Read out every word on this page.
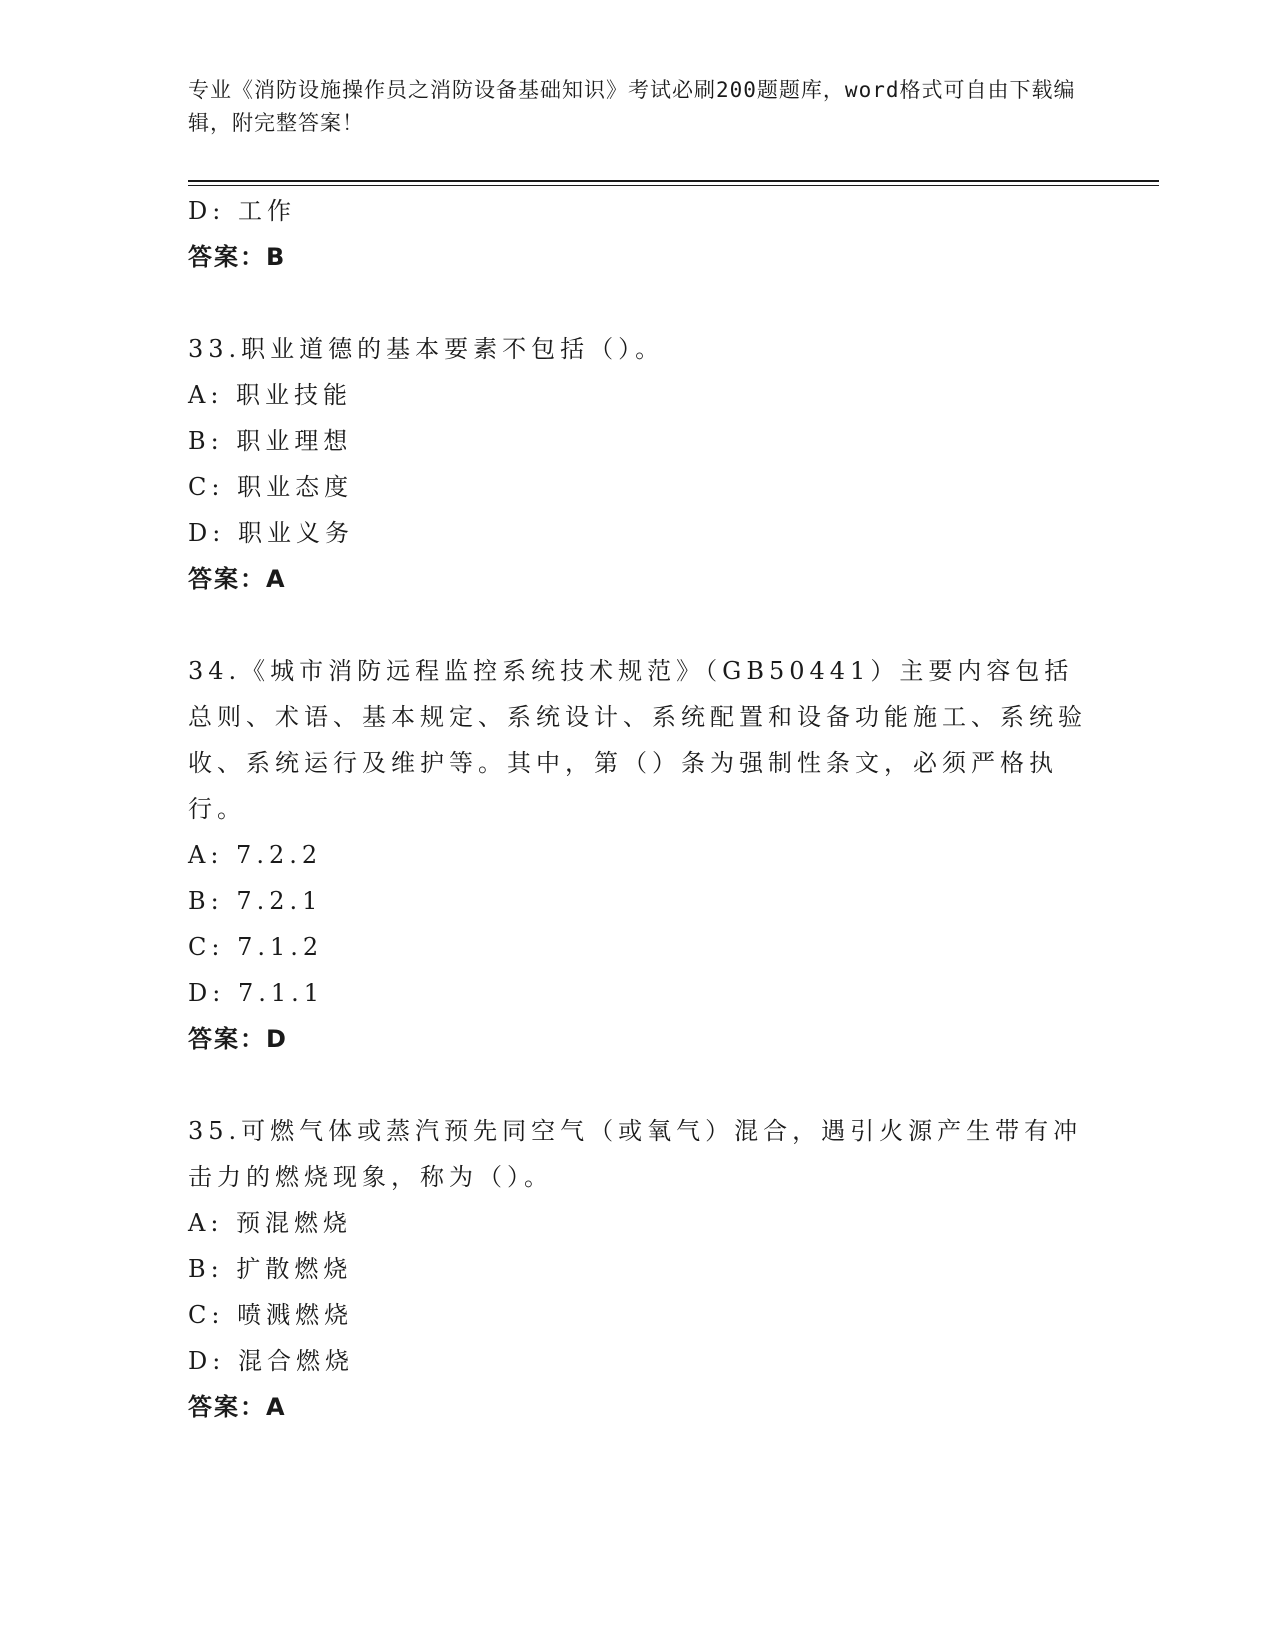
专业《消防设施操作员之消防设备基础知识》考试必刷200题题库，word格式可自由下载编辑，附完整答案！
D: 工作
答案：B
33.职业道德的基本要素不包括（）。
A: 职业技能
B: 职业理想
C: 职业态度
D: 职业义务
答案：A
34.《城市消防远程监控系统技术规范》（GB50441）主要内容包括总则、术语、基本规定、系统设计、系统配置和设备功能施工、系统验收、系统运行及维护等。其中，第（）条为强制性条文，必须严格执行。
A: 7.2.2
B: 7.2.1
C: 7.1.2
D: 7.1.1
答案：D
35.可燃气体或蒸汽预先同空气（或氧气）混合，遇引火源产生带有冲击力的燃烧现象，称为（）。
A: 预混燃烧
B: 扩散燃烧
C: 喷溅燃烧
D: 混合燃烧
答案：A
